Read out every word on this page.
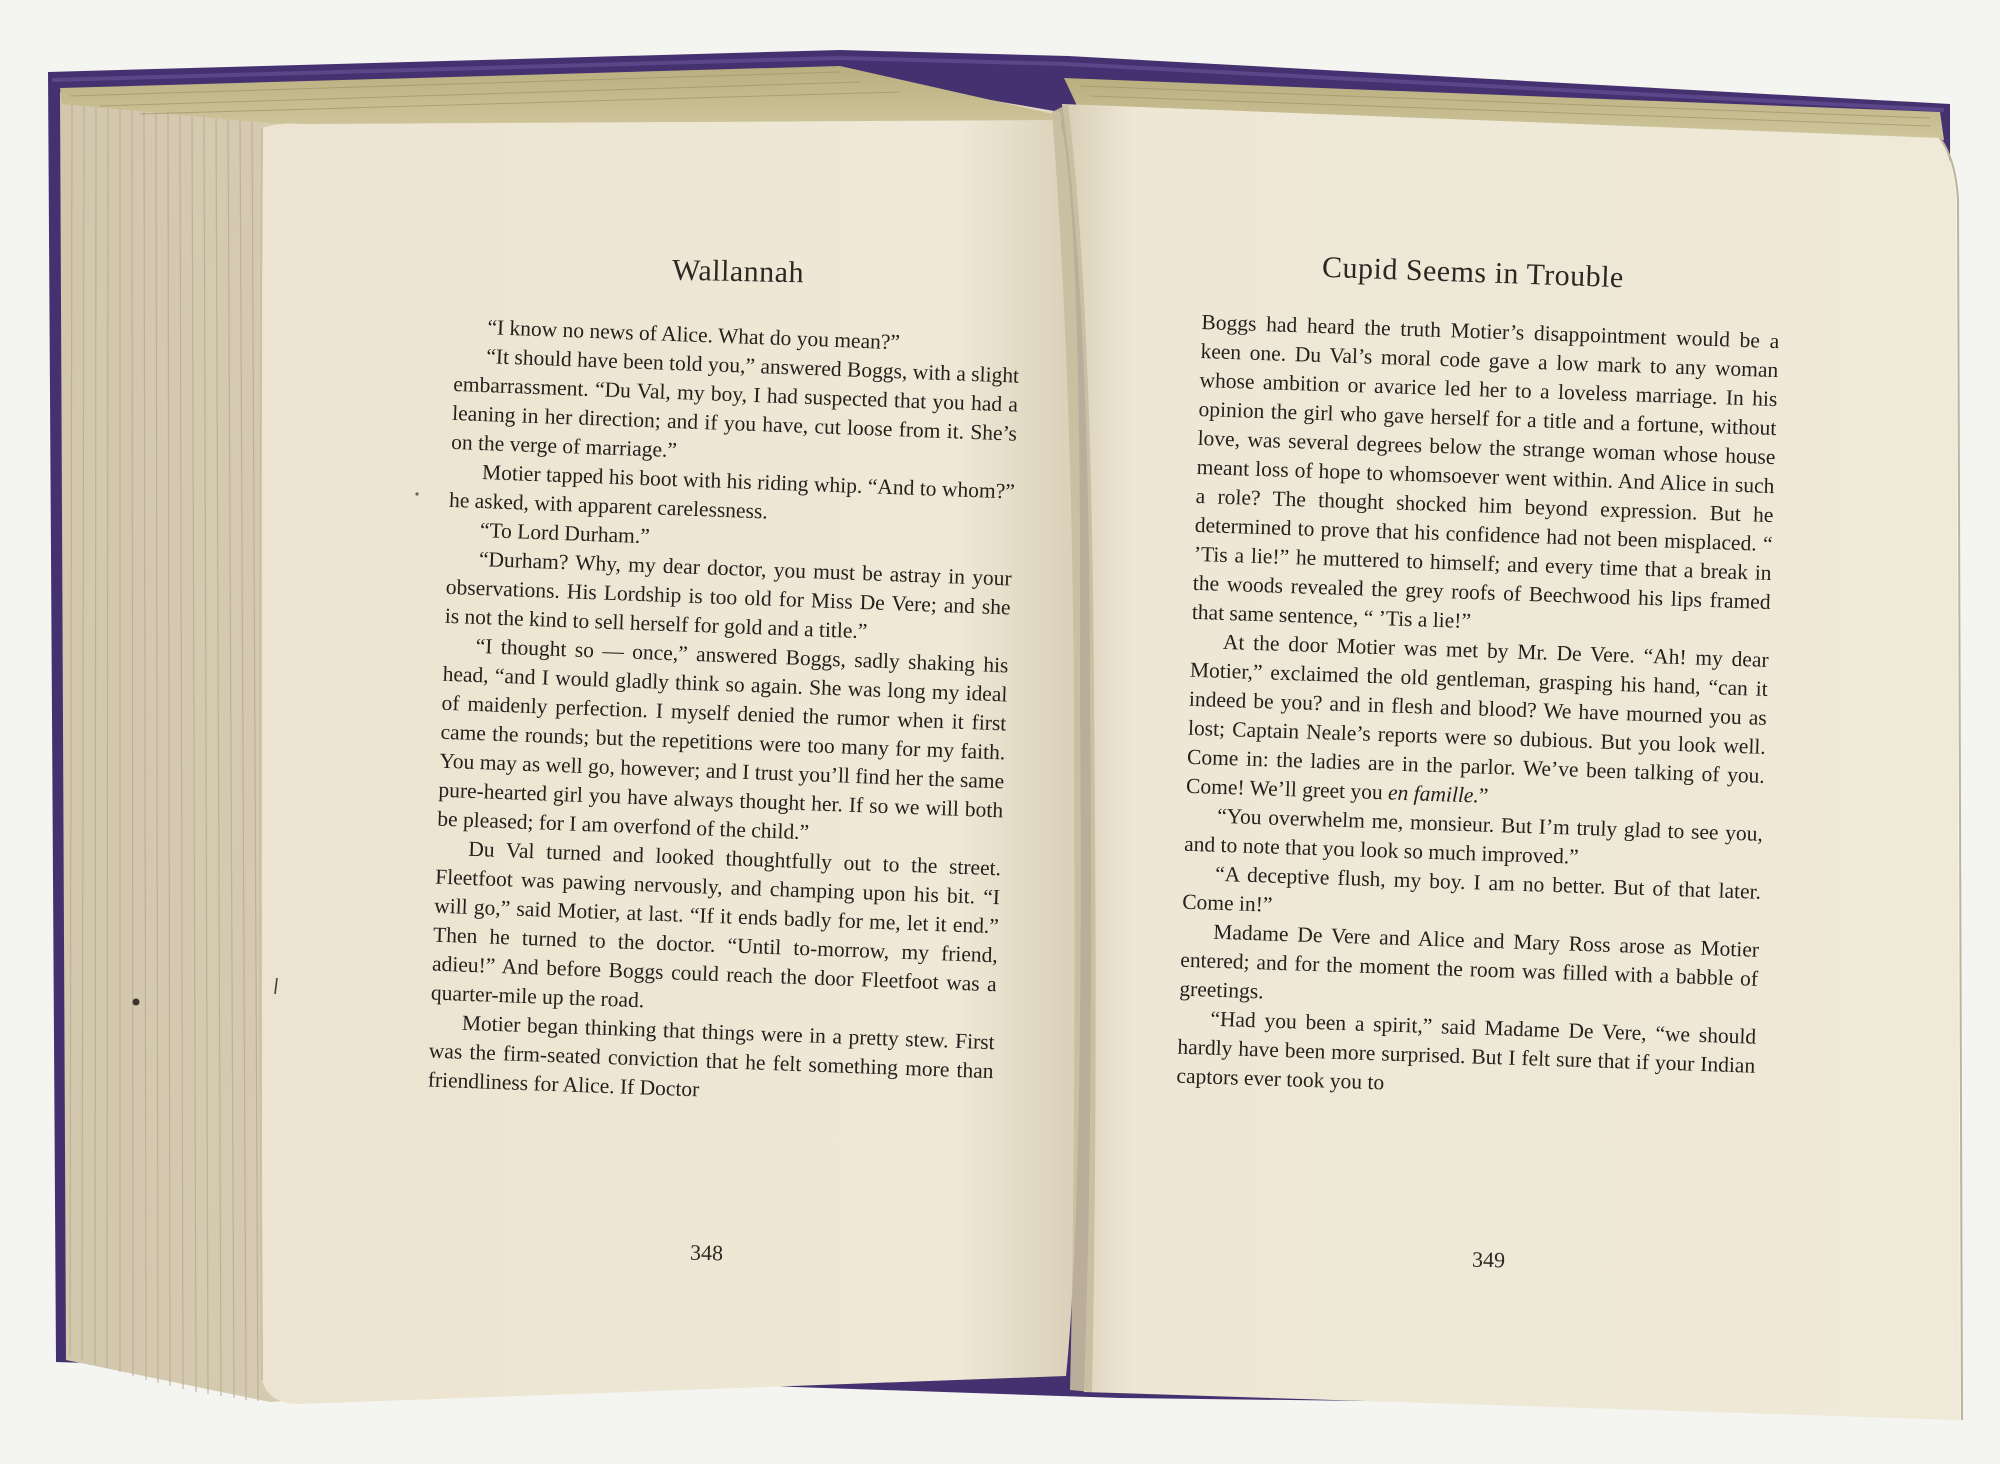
Wallannah

“I know no news of Alice. What do you mean?”

“It should have been told you,” answered Boggs, with a slight embarrassment. “Du Val, my boy, I had suspected that you had a leaning in her direction; and if you have, cut loose from it. She’s on the verge of marriage.”

Motier tapped his boot with his riding whip. “And to whom?” he asked, with apparent carelessness.

“To Lord Durham.”

“Durham? Why, my dear doctor, you must be astray in your observations. His Lordship is too old for Miss De Vere; and she is not the kind to sell herself for gold and a title.”

“I thought so — once,” answered Boggs, sadly shaking his head, “and I would gladly think so again. She was long my ideal of maidenly perfection. I myself denied the rumor when it first came the rounds; but the repetitions were too many for my faith. You may as well go, however; and I trust you’ll find her the same pure-hearted girl you have always thought her. If so we will both be pleased; for I am overfond of the child.”

Du Val turned and looked thoughtfully out to the street. Fleetfoot was pawing nervously, and champing upon his bit. “I will go,” said Motier, at last. “If it ends badly for me, let it end.” Then he turned to the doctor. “Until to-morrow, my friend, adieu!” And before Boggs could reach the door Fleetfoot was a quarter-mile up the road.

Motier began thinking that things were in a pretty stew. First was the firm-seated conviction that he felt something more than friendliness for Alice. If Doctor

348

Cupid Seems in Trouble

Boggs had heard the truth Motier’s disappointment would be a keen one. Du Val’s moral code gave a low mark to any woman whose ambition or avarice led her to a loveless marriage. In his opinion the girl who gave herself for a title and a fortune, without love, was several degrees below the strange woman whose house meant loss of hope to whomsoever went within. And Alice in such a role? The thought shocked him beyond expression. But he determined to prove that his confidence had not been misplaced. “ ’Tis a lie!” he muttered to himself; and every time that a break in the woods revealed the grey roofs of Beechwood his lips framed that same sentence, “ ’Tis a lie!”

At the door Motier was met by Mr. De Vere. “Ah! my dear Motier,” exclaimed the old gentleman, grasping his hand, “can it indeed be you? and in flesh and blood? We have mourned you as lost; Captain Neale’s reports were so dubious. But you look well. Come in: the ladies are in the parlor. We’ve been talking of you. Come! We’ll greet you en famille.”

“You overwhelm me, monsieur. But I’m truly glad to see you, and to note that you look so much improved.”

“A deceptive flush, my boy. I am no better. But of that later. Come in!”

Madame De Vere and Alice and Mary Ross arose as Motier entered; and for the moment the room was filled with a babble of greetings.

“Had you been a spirit,” said Madame De Vere, “we should hardly have been more surprised. But I felt sure that if your Indian captors ever took you to

349
